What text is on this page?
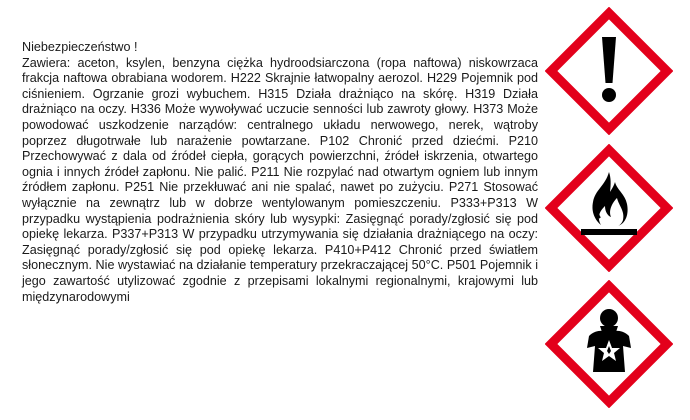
Niebezpieczeństwo !
Zawiera: aceton, ksylen, benzyna ciężka hydroodsiarczona (ropa naftowa) niskowrzaca frakcja naftowa obrabiana wodorem. H222 Skrajnie łatwopalny aerozol. H229 Pojemnik pod ciśnieniem. Ogrzanie grozi wybuchem. H315 Działa drażniąco na skórę. H319 Działa drażniąco na oczy. H336 Może wywoływać uczucie senności lub zawroty głowy. H373 Może powodować uszkodzenie narządów: centralnego układu nerwowego, nerek, wątroby poprzez długotrwałe lub narażenie powtarzane. P102 Chronić przed dziećmi. P210 Przechowywać z dala od źródeł ciepła, gorących powierzchni, źródeł iskrzenia, otwartego ognia i innych źródeł zapłonu. Nie palić. P211 Nie rozpylać nad otwartym ogniem lub innym źródłem zapłonu. P251 Nie przekłuwać ani nie spalać, nawet po zużyciu. P271 Stosować wyłącznie na zewnątrz lub w dobrze wentylowanym pomieszczeniu. P333+P313 W przypadku wystąpienia podrażnienia skóry lub wysypki: Zasięgnąć porady/zgłosić się pod opiekę lekarza. P337+P313 W przypadku utrzymywania się działania drażniącego na oczy: Zasięgnąć porady/zgłosić się pod opiekę lekarza. P410+P412 Chronić przed światłem słonecznym. Nie wystawiać na działanie temperatury przekraczającej 50°C. P501 Pojemnik i jego zawartość utylizować zgodnie z przepisami lokalnymi regionalnymi, krajowymi lub międzynarodowymi
